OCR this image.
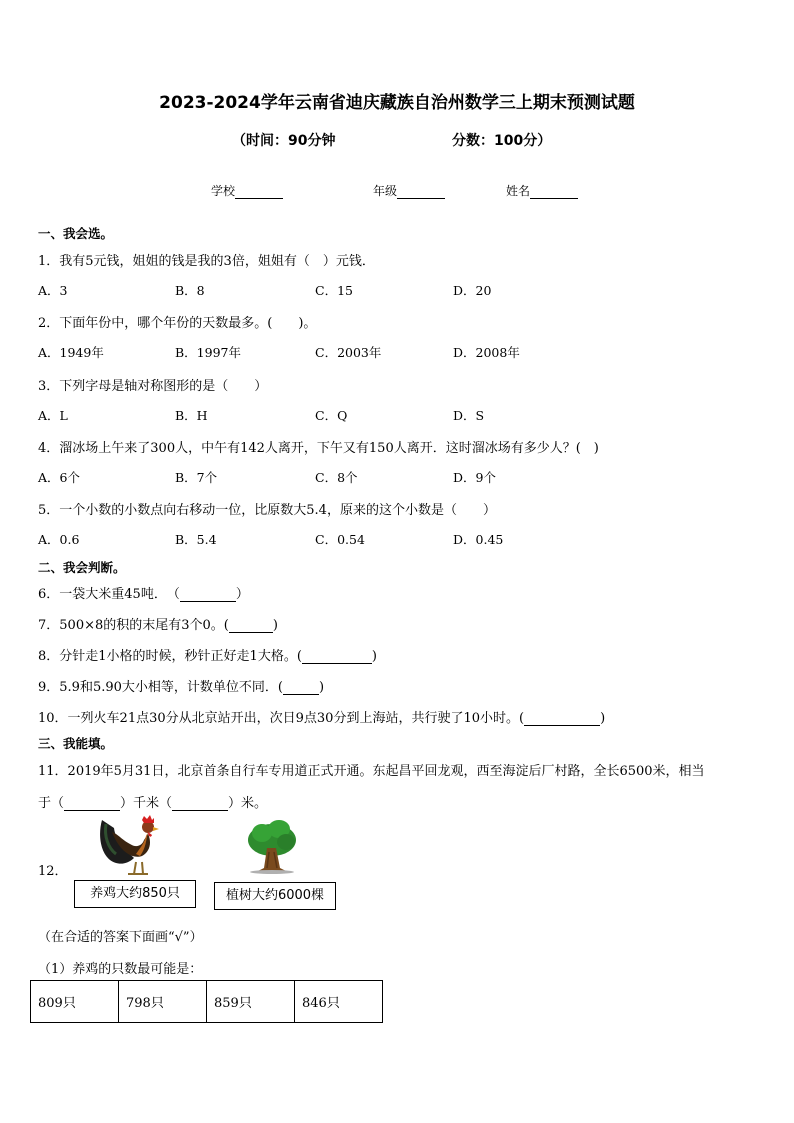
2023-2024学年云南省迪庆藏族自治州数学三上期末预测试题
（时间：90分钟	分数：100分）
学校	年级	姓名
一、我会选。
1．我有5元钱，姐姐的钱是我的3倍，姐姐有（　）元钱．
A．3	B．8	C．15	D．20
2．下面年份中，哪个年份的天数最多。(　　)。
A．1949年	B．1997年	C．2003年	D．2008年
3．下列字母是轴对称图形的是（　　）
A．L	B．H	C．Q	D．S
4．溜冰场上午来了300人，中午有142人离开，下午又有150人离开．这时溜冰场有多少人？(　)
A．6个	B．7个	C．8个	D．9个
5．一个小数的小数点向右移动一位，比原数大5.4，原来的这个小数是（　　）
A．0.6	B．5.4	C．0.54	D．0.45
二、我会判断。
6．一袋大米重45吨．　（	）
7．500×8的积的末尾有3个0。(	)
8．分针走1小格的时候，秒针正好走1大格。(	)
9．5.9和5.90大小相等，计数单位不同．(	)
10．一列火车21点30分从北京站开出，次日9点30分到上海站，共行驶了10小时。(	)
三、我能填。
11．2019年5月31日，北京首条自行车专用道正式开通。东起昌平回龙观，西至海淀后厂村路，全长6500米，相当
于（	）千米（	）米。
12．
养鸡大约850只	植树大约6000棵
（在合适的答案下面画“√”）
（1）养鸡的只数最可能是：
809只	798只	859只	846只
